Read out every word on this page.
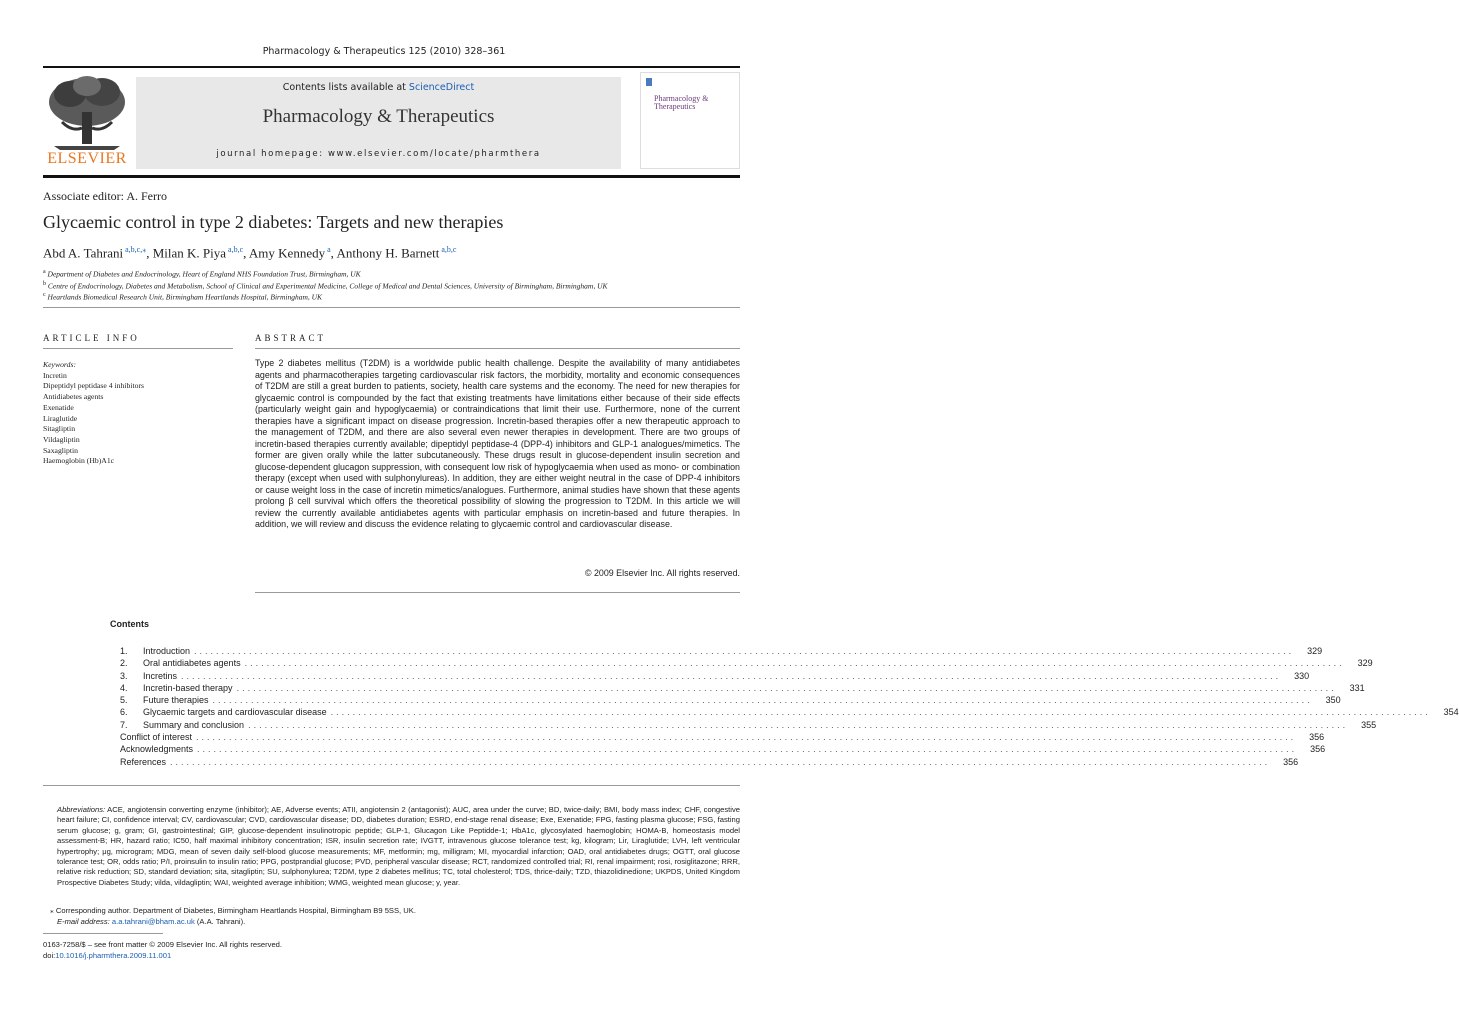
Pharmacology & Therapeutics 125 (2010) 328–361
ELSEVIER
Contents lists available at ScienceDirect
Pharmacology & Therapeutics
journal homepage: www.elsevier.com/locate/pharmthera
Pharmacology & Therapeutics
Associate editor: A. Ferro
Glycaemic control in type 2 diabetes: Targets and new therapies
Abd A. Tahrani $^{a,b,c,⁎}$, Milan K. Piya $^{a,b,c}$, Amy Kennedy $^a$, Anthony H. Barnett $^{a,b,c}$
$^a$ Department of Diabetes and Endocrinology, Heart of England NHS Foundation Trust, Birmingham, UK
$^b$ Centre of Endocrinology, Diabetes and Metabolism, School of Clinical and Experimental Medicine, College of Medical and Dental Sciences, University of Birmingham, Birmingham, UK
$^c$ Heartlands Biomedical Research Unit, Birmingham Heartlands Hospital, Birmingham, UK
ARTICLE INFO	ABSTRACT
Keywords:
Incretin
Dipeptidyl peptidase 4 inhibitors
Antidiabetes agents
Exenatide
Liraglutide
Sitagliptin
Vildagliptin
Saxagliptin
Haemoglobin (Hb)A1c
Type 2 diabetes mellitus (T2DM) is a worldwide public health challenge. Despite the availability of many antidiabetes agents and pharmacotherapies targeting cardiovascular risk factors, the morbidity, mortality and economic consequences of T2DM are still a great burden to patients, society, health care systems and the economy. The need for new therapies for glycaemic control is compounded by the fact that existing treatments have limitations either because of their side effects (particularly weight gain and hypoglycaemia) or contraindications that limit their use. Furthermore, none of the current therapies have a significant impact on disease progression. Incretin-based therapies offer a new therapeutic approach to the management of T2DM, and there are also several even newer therapies in development. There are two groups of incretin-based therapies currently available; dipeptidyl peptidase-4 (DPP-4) inhibitors and GLP-1 analogues/mimetics. The former are given orally while the latter subcutaneously. These drugs result in glucose-dependent insulin secretion and glucose-dependent glucagon suppression, with consequent low risk of hypoglycaemia when used as mono- or combination therapy (except when used with sulphonylureas). In addition, they are either weight neutral in the case of DPP-4 inhibitors or cause weight loss in the case of incretin mimetics/analogues. Furthermore, animal studies have shown that these agents prolong β cell survival which offers the theoretical possibility of slowing the progression to T2DM. In this article we will review the currently available antidiabetes agents with particular emphasis on incretin-based and future therapies. In addition, we will review and discuss the evidence relating to glycaemic control and cardiovascular disease.
© 2009 Elsevier Inc. All rights reserved.
Contents
1.	Introduction ........................................................................................................................................................................................................	329
2.	Oral antidiabetes agents ........................................................................................................................................................................................................	329
3.	Incretins ........................................................................................................................................................................................................	330
4.	Incretin-based therapy ........................................................................................................................................................................................................	331
5.	Future therapies ........................................................................................................................................................................................................	350
6.	Glycaemic targets and cardiovascular disease ........................................................................................................................................................................................................	354
7.	Summary and conclusion ........................................................................................................................................................................................................	355
Conflict of interest ........................................................................................................................................................................................................	356
Acknowledgments ........................................................................................................................................................................................................	356
References ........................................................................................................................................................................................................	356
Abbreviations: ACE, angiotensin converting enzyme (inhibitor); AE, Adverse events; ATII, angiotensin 2 (antagonist); AUC, area under the curve; BD, twice-daily; BMI, body mass index; CHF, congestive heart failure; CI, confidence interval; CV, cardiovascular; CVD, cardiovascular disease; DD, diabetes duration; ESRD, end-stage renal disease; Exe, Exenatide; FPG, fasting plasma glucose; FSG, fasting serum glucose; g, gram; GI, gastrointestinal; GIP, glucose-dependent insulinotropic peptide; GLP-1, Glucagon Like Peptidde-1; HbA1c, glycosylated haemoglobin; HOMA-B, homeostasis model assessment-B; HR, hazard ratio; IC50, half maximal inhibitory concentration; ISR, insulin secretion rate; IVGTT, intravenous glucose tolerance test; kg, kilogram; Lir, Liraglutide; LVH, left ventricular hypertrophy; μg, microgram; MDG, mean of seven daily self-blood glucose measurements; MF, metformin; mg, milligram; MI, myocardial infarction; OAD, oral antidiabetes drugs; OGTT, oral glucose tolerance test; OR, odds ratio; P/I, proinsulin to insulin ratio; PPG, postprandial glucose; PVD, peripheral vascular disease; RCT, randomized controlled trial; RI, renal impairment; rosi, rosiglitazone; RRR, relative risk reduction; SD, standard deviation; sita, sitagliptin; SU, sulphonylurea; T2DM, type 2 diabetes mellitus; TC, total cholesterol; TDS, thrice-daily; TZD, thiazolidinedione; UKPDS, United Kingdom Prospective Diabetes Study; vilda, vildagliptin; WAI, weighted average inhibition; WMG, weighted mean glucose; y, year.
⁎ Corresponding author. Department of Diabetes, Birmingham Heartlands Hospital, Birmingham B9 5SS, UK.
E-mail address: a.a.tahrani@bham.ac.uk (A.A. Tahrani).
0163-7258/$ – see front matter © 2009 Elsevier Inc. All rights reserved.
doi:10.1016/j.pharmthera.2009.11.001
